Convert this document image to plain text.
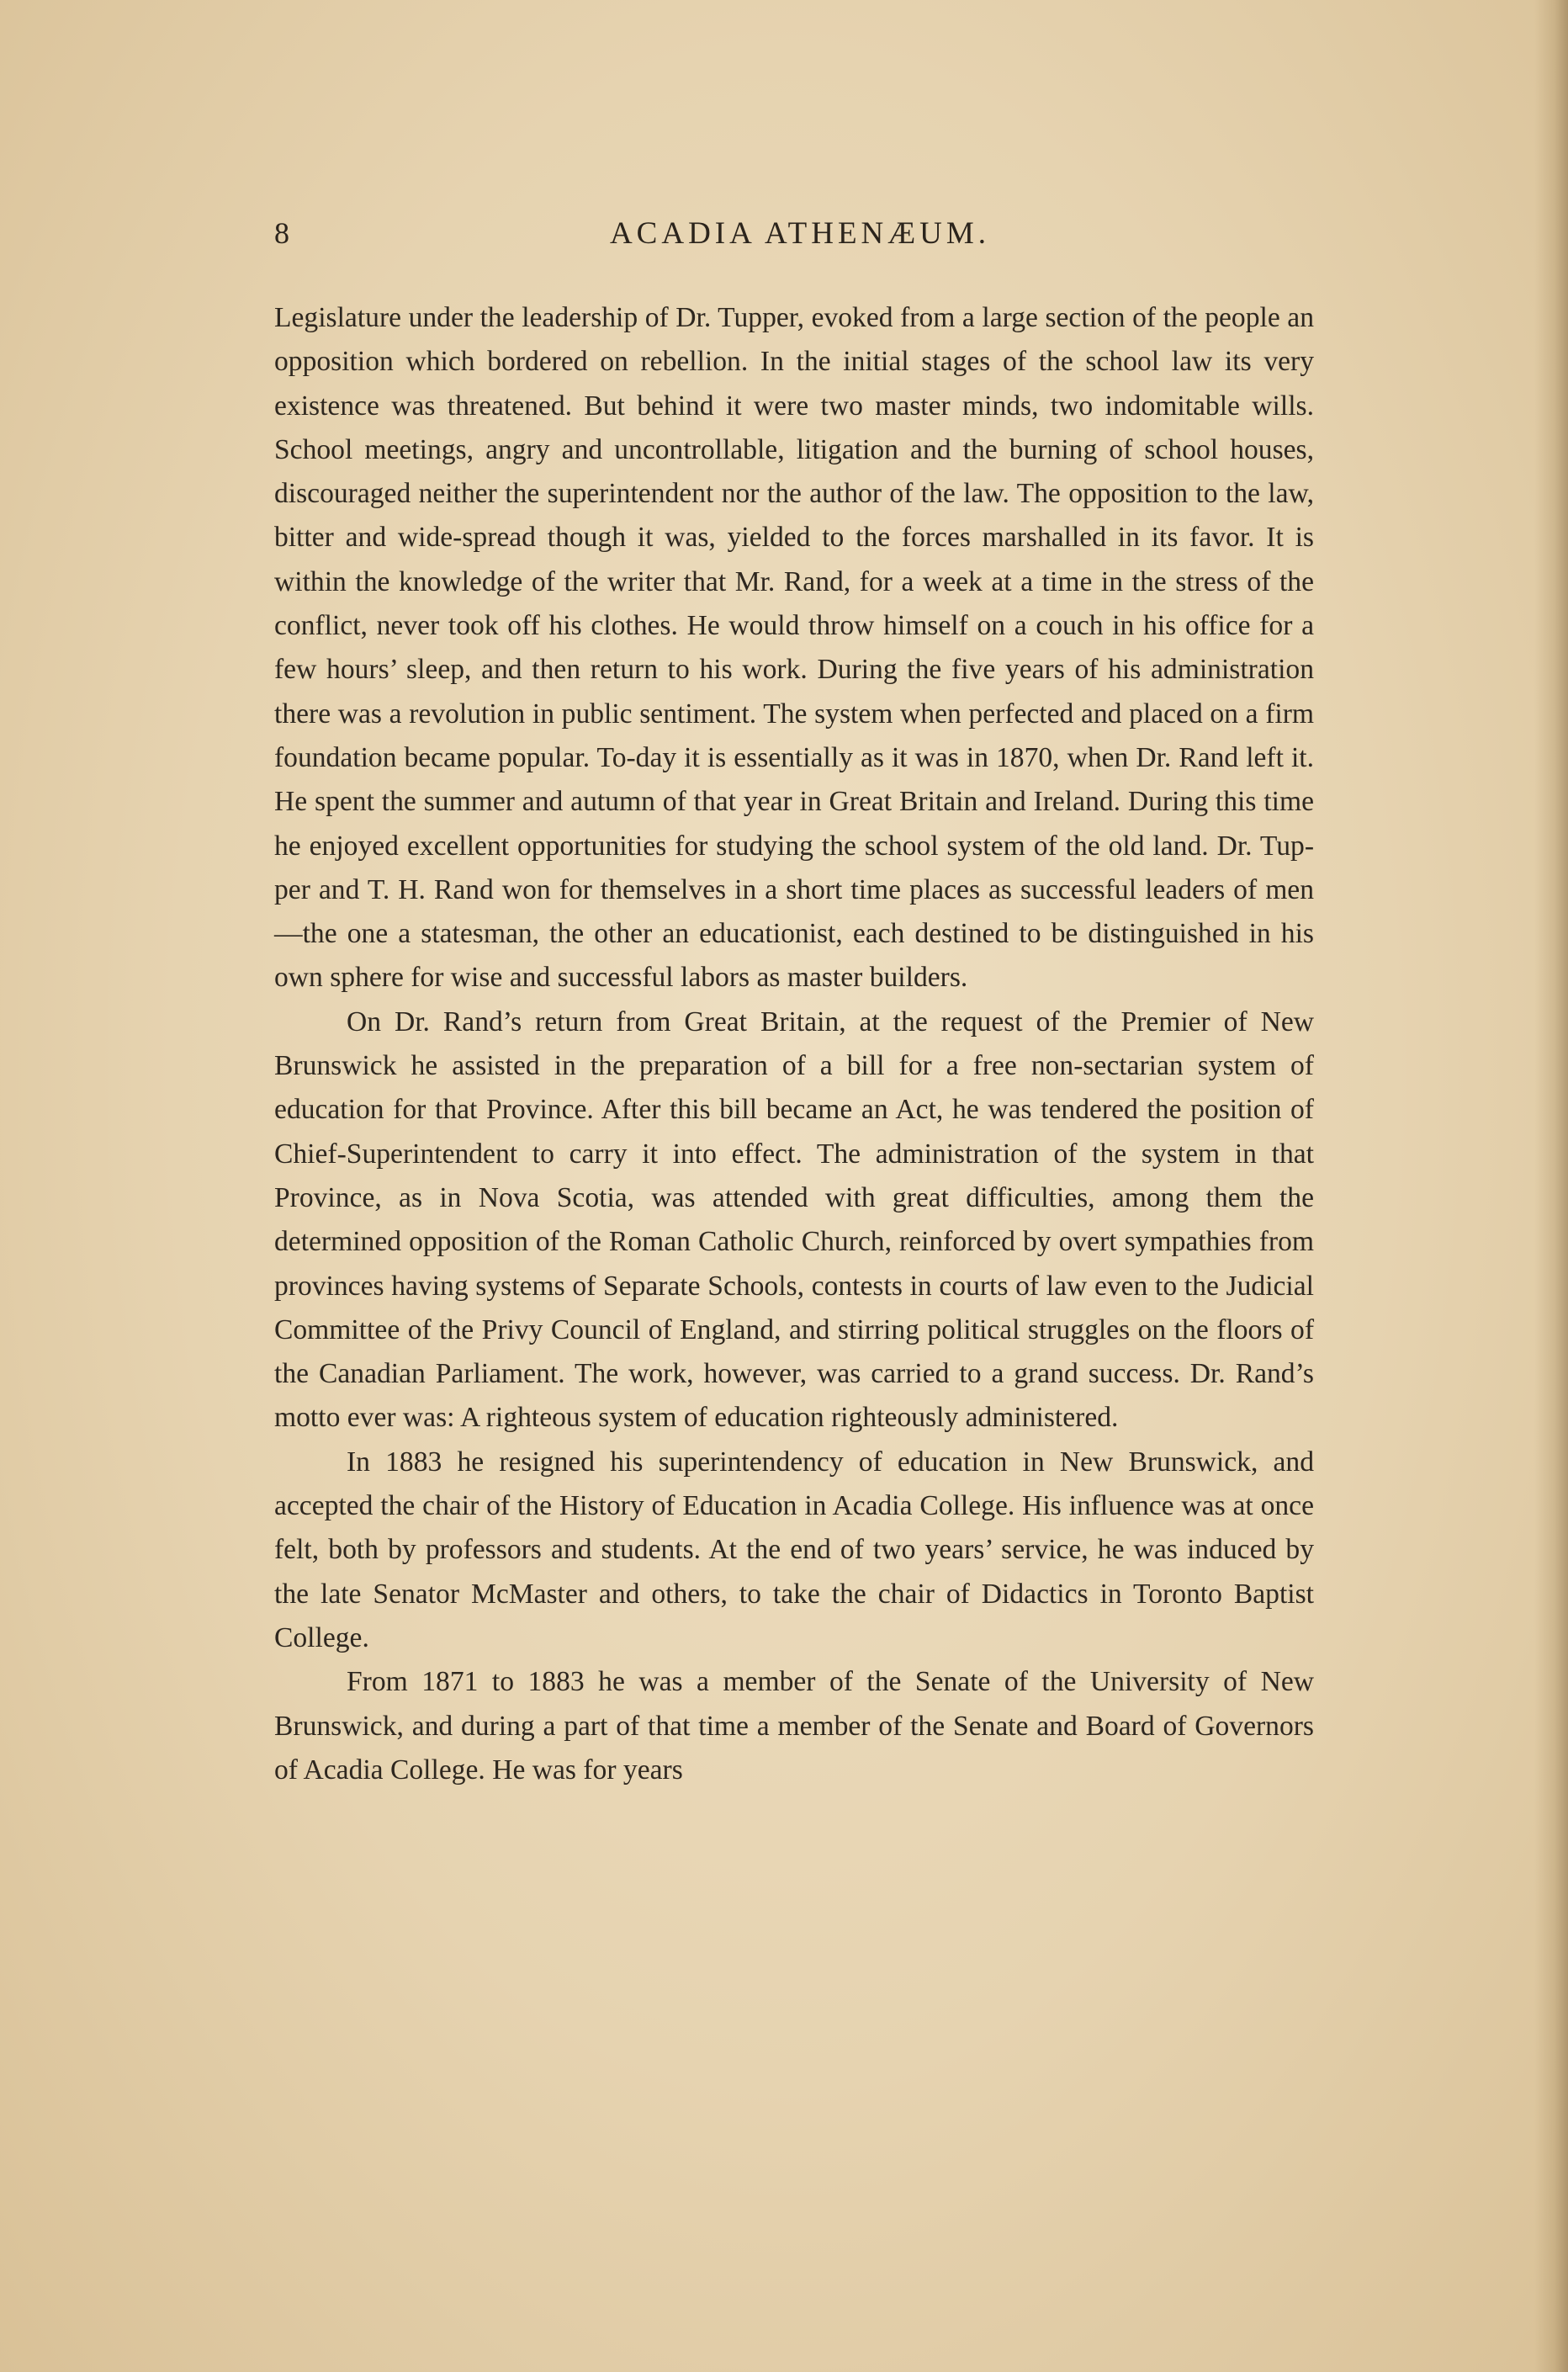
8	ACADIA ATHENÆUM.

Legislature under the leadership of Dr. Tupper, evoked from a large section of the people an opposition which bordered on rebellion. In the initial stages of the school law its very existence was threatened. But behind it were two master minds, two indomitable wills. School meetings, angry and uncontrollable, litigation and the burning of school houses, discouraged neither the superintendent nor the author of the law. The opposition to the law, bitter and wide-spread though it was, yielded to the forces marshalled in its favor. It is within the knowledge of the writer that Mr. Rand, for a week at a time in the stress of the conflict, never took off his clothes. He would throw himself on a couch in his office for a few hours’ sleep, and then return to his work. During the five years of his administration there was a revolution in public sentiment. The system when perfected and placed on a firm foundation became popular. To-day it is essentially as it was in 1870, when Dr. Rand left it. He spent the summer and autumn of that year in Great Britain and Ireland. During this time he enjoyed excellent opportunities for studying the school system of the old land. Dr. Tupper and T. H. Rand won for themselves in a short time places as successful leaders of men—the one a statesman, the other an educationist, each destined to be distinguished in his own sphere for wise and successful labors as master builders.

On Dr. Rand’s return from Great Britain, at the request of the Premier of New Brunswick he assisted in the preparation of a bill for a free non-sectarian system of education for that Province. After this bill became an Act, he was tendered the position of Chief-Superintendent to carry it into effect. The administration of the system in that Province, as in Nova Scotia, was attended with great difficulties, among them the determined opposition of the Roman Catholic Church, reinforced by overt sympathies from provinces having systems of Separate Schools, contests in courts of law even to the Judicial Committee of the Privy Council of England, and stirring political struggles on the floors of the Canadian Parliament. The work, however, was carried to a grand success. Dr. Rand’s motto ever was: A righteous system of education righteously administered.

In 1883 he resigned his superintendency of education in New Brunswick, and accepted the chair of the History of Education in Acadia College. His influence was at once felt, both by professors and students. At the end of two years’ service, he was induced by the late Senator McMaster and others, to take the chair of Didactics in Toronto Baptist College.

From 1871 to 1883 he was a member of the Senate of the University of New Brunswick, and during a part of that time a member of the Senate and Board of Governors of Acadia College. He was for years
